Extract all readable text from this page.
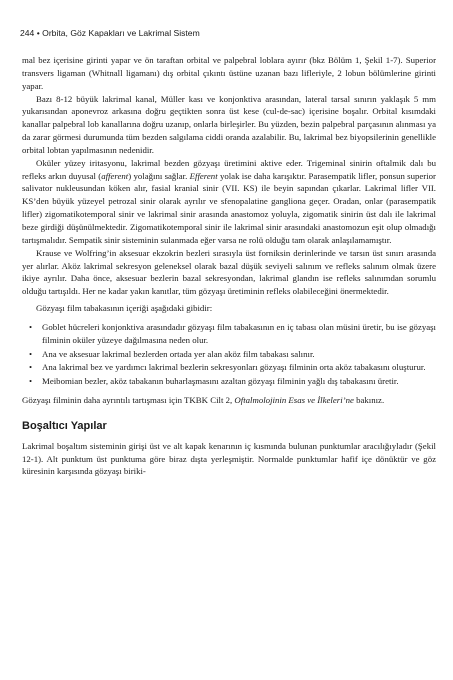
244 • Orbita, Göz Kapakları ve Lakrimal Sistem

mal bez içerisine girinti yapar ve ön taraftan orbital ve palpebral loblara ayırır (bkz Bölüm 1, Şekil 1-7). Superior transvers ligaman (Whitnall ligamanı) dış orbital çıkıntı üstüne uzanan bazı lifleriyle, 2 lobun bölümlerine girinti yapar.

Bazı 8-12 büyük lakrimal kanal, Müller kası ve konjonktiva arasından, lateral tarsal sınırın yaklaşık 5 mm yukarısından aponevroz arkasına doğru geçtikten sonra üst kese (cul-de-sac) içerisine boşalır. Orbital kısımdaki kanallar palpebral lob kanallarına doğru uzanıp, onlarla birleşirler. Bu yüzden, bezin palpebral parçasının alınması ya da zarar görmesi durumunda tüm bezden salgılama ciddi oranda azalabilir. Bu, lakrimal bez biyopsilerinin genellikle orbital lobtan yapılmasının nedenidir.

Oküler yüzey iritasyonu, lakrimal bezden gözyaşı üretimini aktive eder. Trigeminal sinirin oftalmik dalı bu refleks arkın duyusal (afferent) yolağını sağlar. Efferent yolak ise daha karışıktır. Parasempatik lifler, ponsun superior salivator nukleusundan köken alır, fasial kranial sinir (VII. KS) ile beyin sapından çıkarlar. Lakrimal lifler VII. KS’den büyük yüzeyel petrozal sinir olarak ayrılır ve sfenopalatine gangliona geçer. Oradan, onlar (parasempatik lifler) zigomatikotemporal sinir ve lakrimal sinir arasında anastomoz yoluyla, zigomatik sinirin üst dalı ile lakrimal beze girdiği düşünülmektedir. Zigomatikotemporal sinir ile lakrimal sinir arasındaki anastomozun eşit olup olmadığı tartışmalıdır. Sempatik sinir sisteminin sulanmada eğer varsa ne rolü olduğu tam olarak anlaşılamamıştır.

Krause ve Wolfring’in aksesuar ekzokrin bezleri sırasıyla üst forniksin derinlerinde ve tarsın üst sınırı arasında yer alırlar. Aköz lakrimal sekresyon geleneksel olarak bazal düşük seviyeli salınım ve refleks salınım olmak üzere ikiye ayrılır. Daha önce, aksesuar bezlerin bazal sekresyondan, lakrimal glandın ise refleks salınımdan sorumlu olduğu tartışıldı. Her ne kadar yakın kanıtlar, tüm gözyaşı üretiminin refleks olabileceğini önermektedir.

Gözyaşı film tabakasının içeriği aşağıdaki gibidir:

• Goblet hücreleri konjonktiva arasındadır gözyaşı film tabakasının en iç tabası olan müsini üretir, bu ise gözyaşı filminin oküler yüzeye dağılmasına neden olur.
• Ana ve aksesuar lakrimal bezlerden ortada yer alan aköz film tabakası salınır.
• Ana lakrimal bez ve yardımcı lakrimal bezlerin sekresyonları gözyaşı filminin orta aköz tabakasını oluşturur.
• Meibomian bezler, aköz tabakanın buharlaşmasını azaltan gözyaşı filminin yağlı dış tabakasını üretir.

Gözyaşı filminin daha ayrıntılı tartışması için TKBK Cilt 2, Oftalmolojinin Esas ve İlkeleri’ne bakınız.

Boşaltıcı Yapılar

Lakrimal boşaltım sisteminin girişi üst ve alt kapak kenarının iç kısmında bulunan punktumlar aracılığıyladır (Şekil 12-1). Alt punktum üst punktuma göre biraz dışta yerleşmiştir. Normalde punktumlar hafif içe dönüktür ve göz küresinin karşısında gözyaşı biriki-
